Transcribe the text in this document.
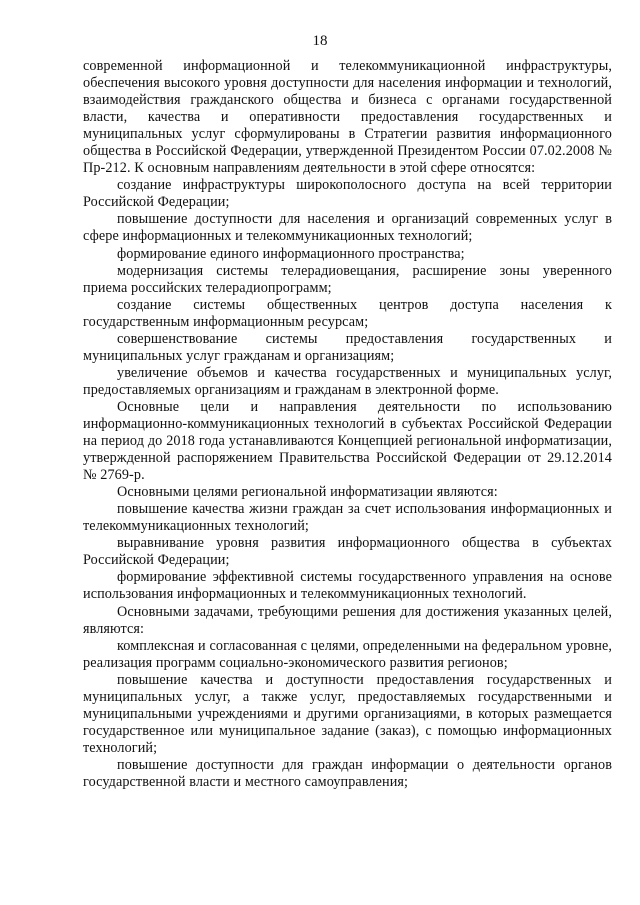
18

современной информационной и телекоммуникационной инфраструктуры, обеспечения высокого уровня доступности для населения информации и технологий, взаимодействия гражданского общества и бизнеса с органами государственной власти, качества и оперативности предоставления государственных и муниципальных услуг сформулированы в Стратегии развития информационного общества в Российской Федерации, утвержденной Президентом России 07.02.2008 № Пр-212. К основным направлениям деятельности в этой сфере относятся:

создание инфраструктуры широкополосного доступа на всей территории Российской Федерации;

повышение доступности для населения и организаций современных услуг в сфере информационных и телекоммуникационных технологий;

формирование единого информационного пространства;

модернизация системы телерадиовещания, расширение зоны уверенного приема российских телерадиопрограмм;

создание системы общественных центров доступа населения к государственным информационным ресурсам;

совершенствование системы предоставления государственных и муниципальных услуг гражданам и организациям;

увеличение объемов и качества государственных и муниципальных услуг, предоставляемых организациям и гражданам в электронной форме.

Основные цели и направления деятельности по использованию информационно-коммуникационных технологий в субъектах Российской Федерации на период до 2018 года устанавливаются Концепцией региональной информатизации, утвержденной распоряжением Правительства Российской Федерации от 29.12.2014 № 2769-р.

Основными целями региональной информатизации являются:

повышение качества жизни граждан за счет использования информационных и телекоммуникационных технологий;

выравнивание уровня развития информационного общества в субъектах Российской Федерации;

формирование эффективной системы государственного управления на основе использования информационных и телекоммуникационных технологий.

Основными задачами, требующими решения для достижения указанных целей, являются:

комплексная и согласованная с целями, определенными на федеральном уровне, реализация программ социально-экономического развития регионов;

повышение качества и доступности предоставления государственных и муниципальных услуг, а также услуг, предоставляемых государственными и муниципальными учреждениями и другими организациями, в которых размещается государственное или муниципальное задание (заказ), с помощью информационных технологий;

повышение доступности для граждан информации о деятельности органов государственной власти и местного самоуправления;
